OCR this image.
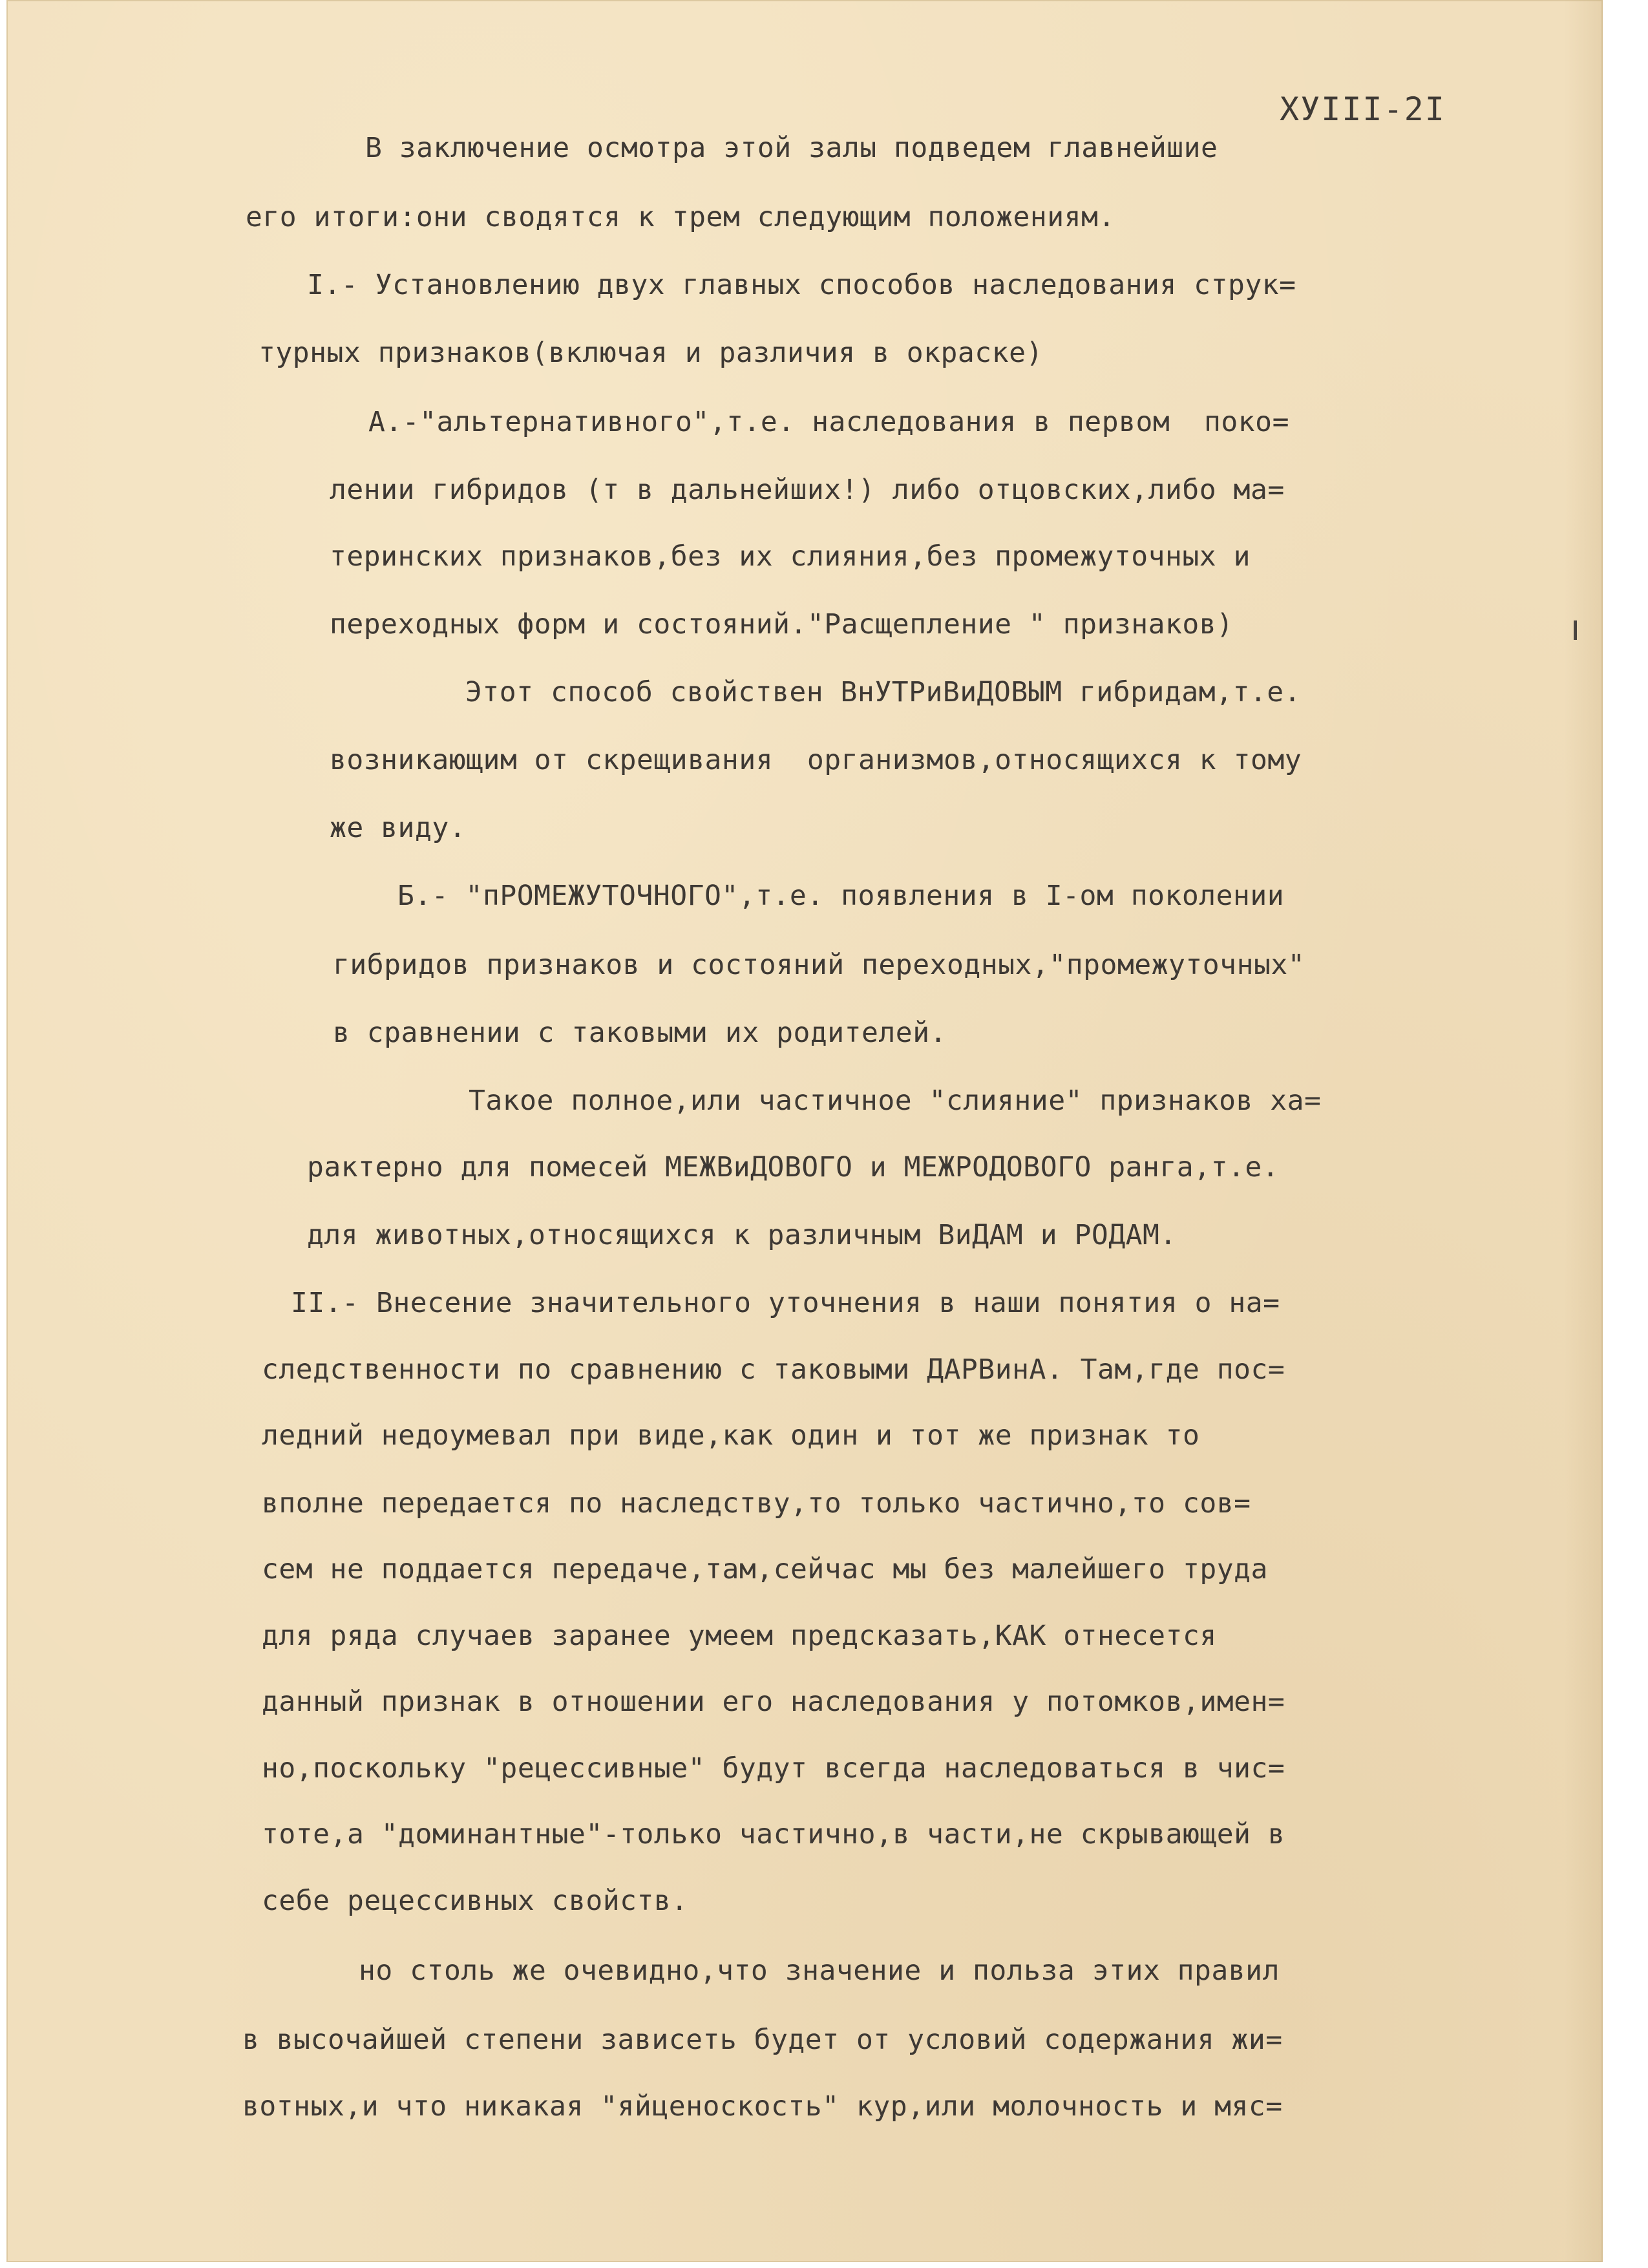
ХУIII-2I
В заключение осмотра этой залы подведем главнейшие
его итоги:они сводятся к трем следующим положениям.
I.- Установлению двух главных способов наследования струк=
турных признаков(включая и различия в окраске)
А.-"альтернативного",т.е. наследования в первом  поко=
лении гибридов (т в дальнейших!) либо отцовских,либо ма=
теринских признаков,без их слияния,без промежуточных и
переходных форм и состояний."Расщепление " признаков)
Этот способ свойствен ВнУТРиВиДОВЫМ гибридам,т.е.
возникающим от скрещивания  организмов,относящихся к тому
же виду.
Б.- "пРОМЕЖУТОЧНОГО",т.е. появления в I-ом поколении
гибридов признаков и состояний переходных,"промежуточных"
в сравнении с таковыми их родителей.
Такое полное,или частичное "слияние" признаков ха=
рактерно для помесей МЕЖВиДОВОГО и МЕЖРОДОВОГО ранга,т.е.
для животных,относящихся к различным ВиДАМ и РОДАМ.
II.- Внесение значительного уточнения в наши понятия о на=
следственности по сравнению с таковыми ДАРВинА. Там,где пос=
ледний недоумевал при виде,как один и тот же признак то
вполне передается по наследству,то только частично,то сов=
сем не поддается передаче,там,сейчас мы без малейшего труда
для ряда случаев заранее умеем предсказать,КАК отнесется
данный признак в отношении его наследования у потомков,имен=
но,поскольку "рецессивные" будут всегда наследоваться в чис=
тоте,а "доминантные"-только частично,в части,не скрывающей в
себе рецессивных свойств.
но столь же очевидно,что значение и польза этих правил
в высочайшей степени зависеть будет от условий содержания жи=
вотных,и что никакая "яйценоскость" кур,или молочность и мяс=
